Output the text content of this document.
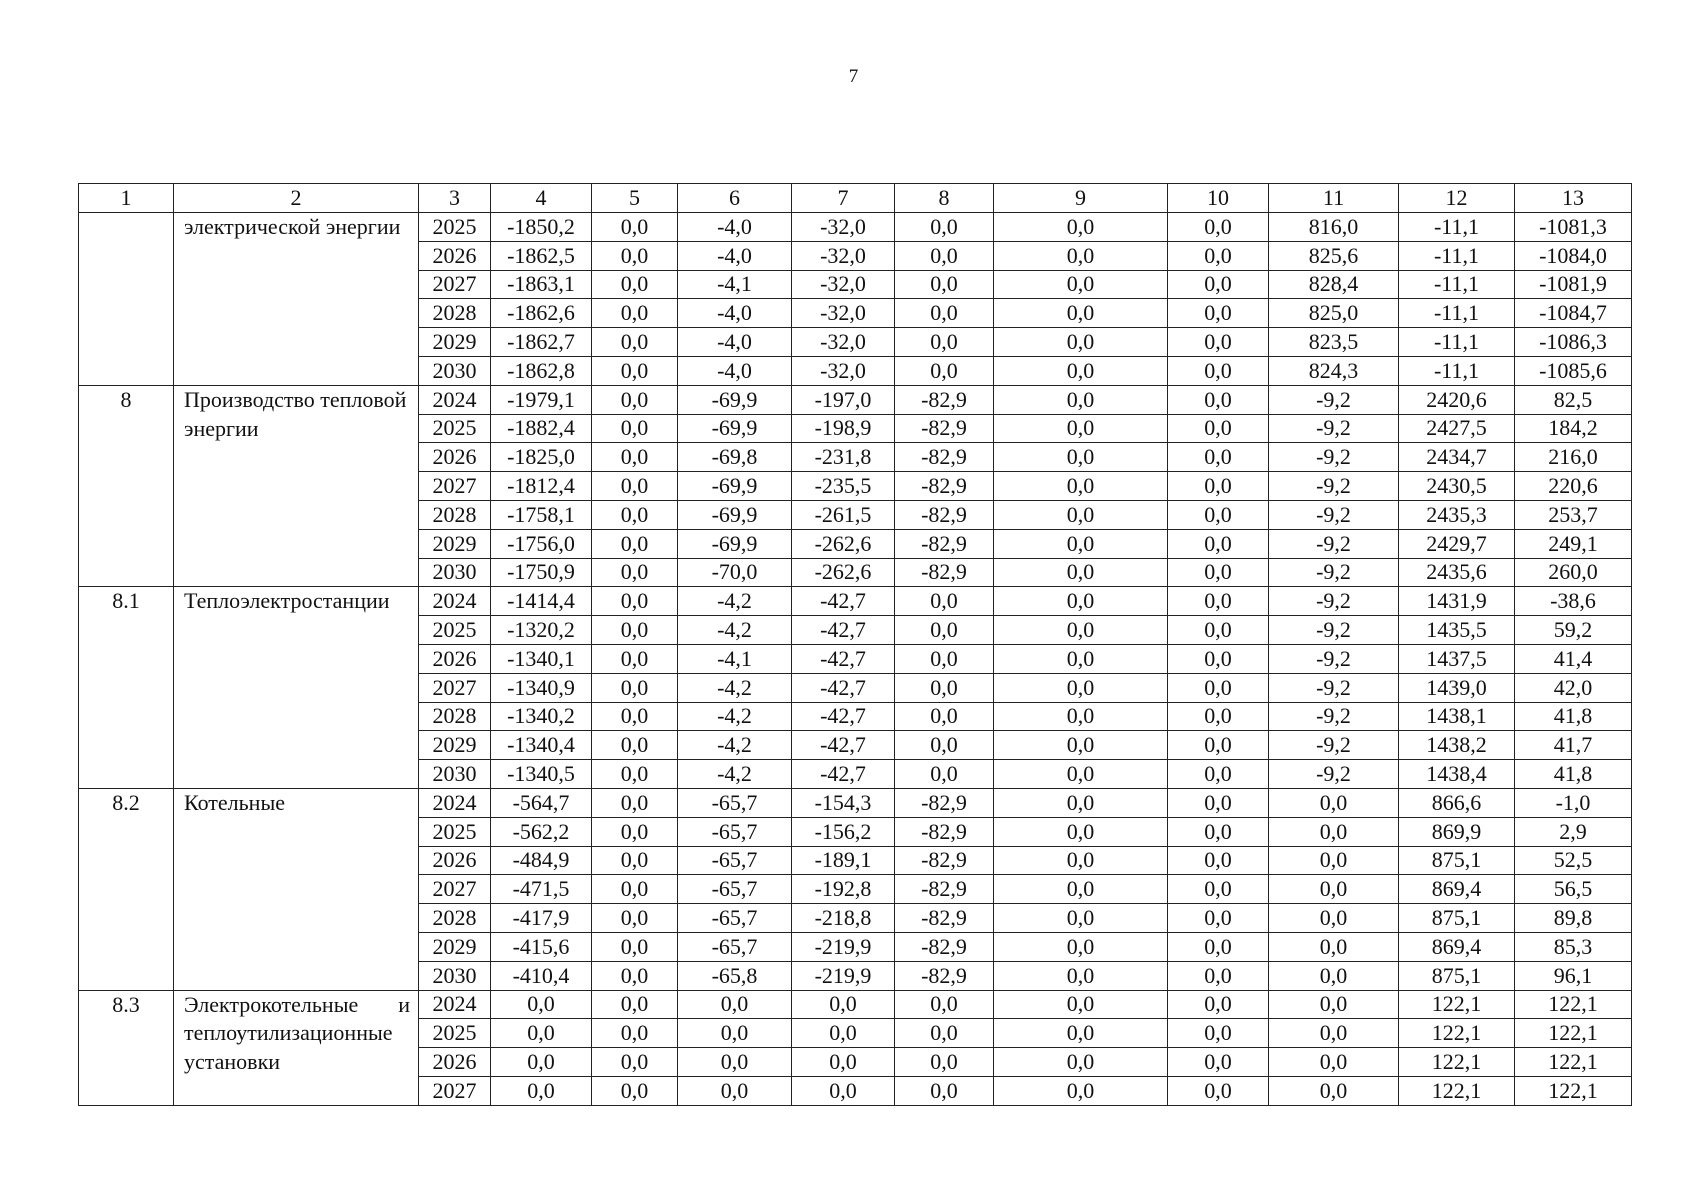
7
1	2	3	4	5	6	7	8	9	10	11	12	13
	электрической энергии	2025	-1850,2	0,0	-4,0	-32,0	0,0	0,0	0,0	816,0	-11,1	-1081,3
		2026	-1862,5	0,0	-4,0	-32,0	0,0	0,0	0,0	825,6	-11,1	-1084,0
		2027	-1863,1	0,0	-4,1	-32,0	0,0	0,0	0,0	828,4	-11,1	-1081,9
		2028	-1862,6	0,0	-4,0	-32,0	0,0	0,0	0,0	825,0	-11,1	-1084,7
		2029	-1862,7	0,0	-4,0	-32,0	0,0	0,0	0,0	823,5	-11,1	-1086,3
		2030	-1862,8	0,0	-4,0	-32,0	0,0	0,0	0,0	824,3	-11,1	-1085,6
8	Производство тепловой энергии	2024	-1979,1	0,0	-69,9	-197,0	-82,9	0,0	0,0	-9,2	2420,6	82,5
		2025	-1882,4	0,0	-69,9	-198,9	-82,9	0,0	0,0	-9,2	2427,5	184,2
		2026	-1825,0	0,0	-69,8	-231,8	-82,9	0,0	0,0	-9,2	2434,7	216,0
		2027	-1812,4	0,0	-69,9	-235,5	-82,9	0,0	0,0	-9,2	2430,5	220,6
		2028	-1758,1	0,0	-69,9	-261,5	-82,9	0,0	0,0	-9,2	2435,3	253,7
		2029	-1756,0	0,0	-69,9	-262,6	-82,9	0,0	0,0	-9,2	2429,7	249,1
		2030	-1750,9	0,0	-70,0	-262,6	-82,9	0,0	0,0	-9,2	2435,6	260,0
8.1	Теплоэлектростанции	2024	-1414,4	0,0	-4,2	-42,7	0,0	0,0	0,0	-9,2	1431,9	-38,6
		2025	-1320,2	0,0	-4,2	-42,7	0,0	0,0	0,0	-9,2	1435,5	59,2
		2026	-1340,1	0,0	-4,1	-42,7	0,0	0,0	0,0	-9,2	1437,5	41,4
		2027	-1340,9	0,0	-4,2	-42,7	0,0	0,0	0,0	-9,2	1439,0	42,0
		2028	-1340,2	0,0	-4,2	-42,7	0,0	0,0	0,0	-9,2	1438,1	41,8
		2029	-1340,4	0,0	-4,2	-42,7	0,0	0,0	0,0	-9,2	1438,2	41,7
		2030	-1340,5	0,0	-4,2	-42,7	0,0	0,0	0,0	-9,2	1438,4	41,8
8.2	Котельные	2024	-564,7	0,0	-65,7	-154,3	-82,9	0,0	0,0	0,0	866,6	-1,0
		2025	-562,2	0,0	-65,7	-156,2	-82,9	0,0	0,0	0,0	869,9	2,9
		2026	-484,9	0,0	-65,7	-189,1	-82,9	0,0	0,0	0,0	875,1	52,5
		2027	-471,5	0,0	-65,7	-192,8	-82,9	0,0	0,0	0,0	869,4	56,5
		2028	-417,9	0,0	-65,7	-218,8	-82,9	0,0	0,0	0,0	875,1	89,8
		2029	-415,6	0,0	-65,7	-219,9	-82,9	0,0	0,0	0,0	869,4	85,3
		2030	-410,4	0,0	-65,8	-219,9	-82,9	0,0	0,0	0,0	875,1	96,1
8.3	Электрокотельные и теплоутилизационные установки	2024	0,0	0,0	0,0	0,0	0,0	0,0	0,0	0,0	122,1	122,1
		2025	0,0	0,0	0,0	0,0	0,0	0,0	0,0	0,0	122,1	122,1
		2026	0,0	0,0	0,0	0,0	0,0	0,0	0,0	0,0	122,1	122,1
		2027	0,0	0,0	0,0	0,0	0,0	0,0	0,0	0,0	122,1	122,1
